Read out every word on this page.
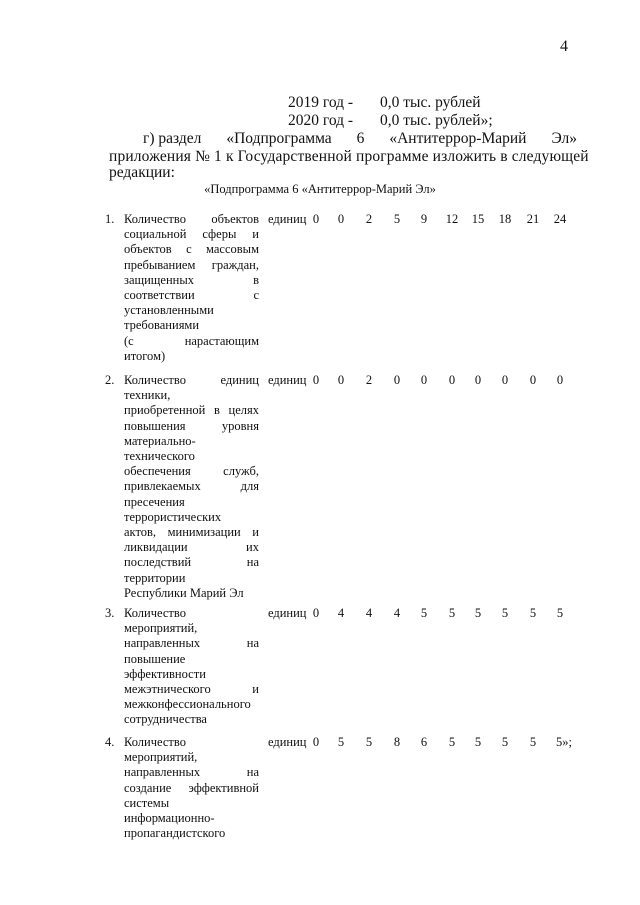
4
2019 год - 0,0 тыс. рублей
2020 год - 0,0 тыс. рублей»;
г) раздел «Подпрограмма 6 «Антитеррор-Марий Эл»
приложения № 1 к Государственной программе изложить в следующей
редакции:
«Подпрограмма 6 «Антитеррор-Марий Эл»
1. Количество объектов
социальной сферы и
объектов с массовым
пребыванием граждан,
защищенных	в
соответствии	с
установленными
требованиями
(с	нарастающим
итогом)
единиц 0	0	2	5	9	12	15	18	21	24
2. Количество	единиц
техники,
приобретенной в целях
повышения	уровня
материально-
технического
обеспечения	служб,
привлекаемых	для
пресечения
террористических
актов, минимизации и
ликвидации	их
последствий	на
территории
Республики Марий Эл
единиц 0	0	2	0	0	0	0	0	0	0
3. Количество
мероприятий,
направленных	на
повышение
эффективности
межэтнического	и
межконфессионального
сотрудничества
единиц 0	4	4	4	5	5	5	5	5	5
4. Количество
мероприятий,
направленных	на
создание эффективной
системы
информационно-
пропагандистского
единиц 0	5	5	8	6	5	5	5	5	5»;
